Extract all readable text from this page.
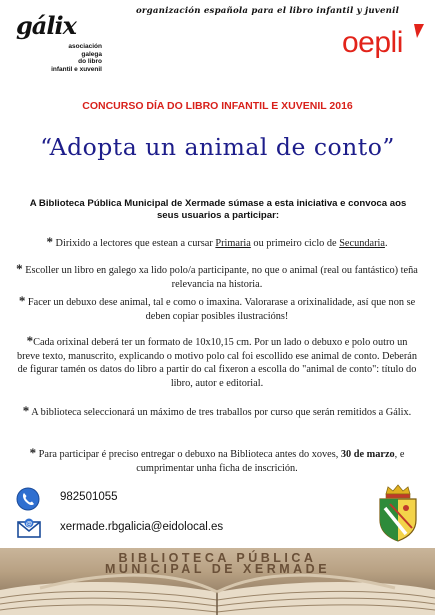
gálix
asociación
galega
do libro
infantil e xuvenil
organización española para el libro infantil y juvenil
oepli
CONCURSO DÍA DO LIBRO INFANTIL E XUVENIL 2016
“Adopta un animal de conto”
A Biblioteca Pública Municipal de Xermade súmase a esta iniciativa e convoca aos seus usuarios a participar:
* Dirixido a lectores que estean a cursar Primaria ou primeiro ciclo de Secundaria.
* Escoller un libro en galego xa lido polo/a participante, no que o animal (real ou fantástico) teña relevancia na historia.
* Facer un debuxo dese animal, tal e como o imaxina. Valorarase a orixinalidade, así que non se deben copiar posibles ilustracións!
*Cada orixinal deberá ter un formato de 10x10,15 cm. Por un lado o debuxo e polo outro un breve texto, manuscrito, explicando o motivo polo cal foi escollido ese animal de conto. Deberán de figurar tamén os datos do libro a partir do cal fixeron a escolla do "animal de conto": título do libro, autor e editorial.
* A biblioteca seleccionará un máximo de tres traballos por curso que serán remitidos a Gálix.
* Para participar é preciso entregar o debuxo na Biblioteca antes do xoves, 30 de marzo, e cumprimentar unha ficha de inscrición.
982501055
@ xermade.rbgalicia@eidolocal.es
BIBLIOTECA PÚBLICA
MUNICIPAL DE XERMADE
